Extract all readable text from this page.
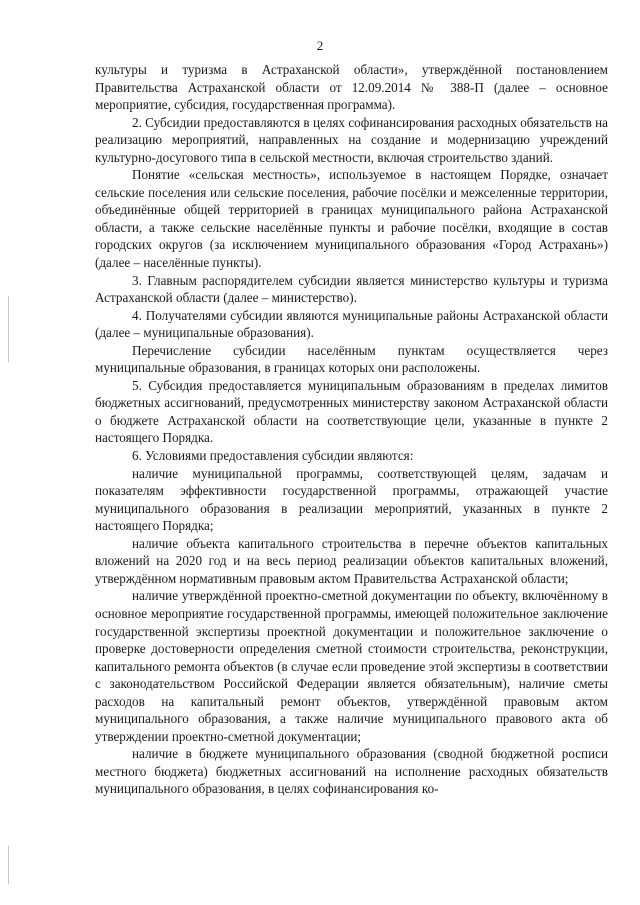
2

культуры и туризма в Астраханской области», утверждённой постановлением Правительства Астраханской области от 12.09.2014 № 388-П (далее – основное мероприятие, субсидия, государственная программа).

2. Субсидии предоставляются в целях софинансирования расходных обязательств на реализацию мероприятий, направленных на создание и модернизацию учреждений культурно-досугового типа в сельской местности, включая строительство зданий.

Понятие «сельская местность», используемое в настоящем Порядке, означает сельские поселения или сельские поселения, рабочие посёлки и межселенные территории, объединённые общей территорией в границах муниципального района Астраханской области, а также сельские населённые пункты и рабочие посёлки, входящие в состав городских округов (за исключением муниципального образования «Город Астрахань») (далее – населённые пункты).

3. Главным распорядителем субсидии является министерство культуры и туризма Астраханской области (далее – министерство).

4. Получателями субсидии являются муниципальные районы Астраханской области (далее – муниципальные образования).

Перечисление субсидии населённым пунктам осуществляется через муниципальные образования, в границах которых они расположены.

5. Субсидия предоставляется муниципальным образованиям в пределах лимитов бюджетных ассигнований, предусмотренных министерству законом Астраханской области о бюджете Астраханской области на соответствующие цели, указанные в пункте 2 настоящего Порядка.

6. Условиями предоставления субсидии являются:

наличие муниципальной программы, соответствующей целям, задачам и показателям эффективности государственной программы, отражающей участие муниципального образования в реализации мероприятий, указанных в пункте 2 настоящего Порядка;

наличие объекта капитального строительства в перечне объектов капитальных вложений на 2020 год и на весь период реализации объектов капитальных вложений, утверждённом нормативным правовым актом Правительства Астраханской области;

наличие утверждённой проектно-сметной документации по объекту, включённому в основное мероприятие государственной программы, имеющей положительное заключение государственной экспертизы проектной документации и положительное заключение о проверке достоверности определения сметной стоимости строительства, реконструкции, капитального ремонта объектов (в случае если проведение этой экспертизы в соответствии с законодательством Российской Федерации является обязательным), наличие сметы расходов на капитальный ремонт объектов, утверждённой правовым актом муниципального образования, а также наличие муниципального правового акта об утверждении проектно-сметной документации;

наличие в бюджете муниципального образования (сводной бюджетной росписи местного бюджета) бюджетных ассигнований на исполнение расходных обязательств муниципального образования, в целях софинансирования ко-
